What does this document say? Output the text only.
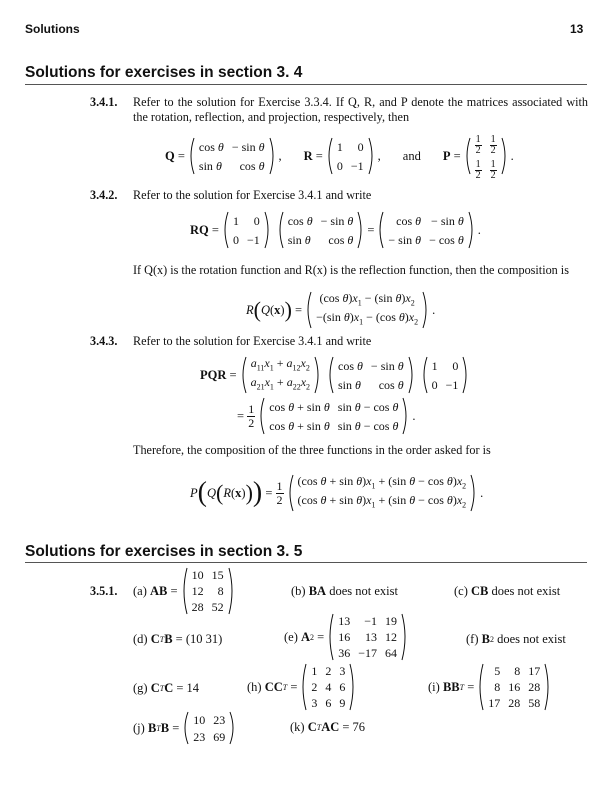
Solutions	13
Solutions for exercises in section 3. 4
3.4.1. Refer to the solution for Exercise 3.3.4. If Q, R, and P denote the matrices associated with the rotation, reflection, and projection, respectively, then
Q =
cos θ	− sin θ
sin θ	cos θ
, R =
1	0
0	−1
, and $P = \frac{1}{2}$	$\frac{1}{2}$

$\frac{1}{2}$	$\frac{1}{2}$
.
3.4.2. Refer to the solution for Exercise 3.4.1 and write
RQ =
1	0
0	−1
cos θ	− sin θ
sin θ	cos θ
=
cos θ	− sin θ
− sin θ	− cos θ
.
If Q(x) is the rotation function and R(x) is the reflection function, then the composition is
R ( Q ( x ) ) =
(cos $\theta)x_1 - (\sin$ $\theta)x_2$
−(sin $\theta)x_1 - (\cos$ $\theta)x_2$
.
3.4.3. Refer to the solution for Exercise 3.4.1 and write
PQR =
$a_{11}x_1 + a_{12}x_2$
$a_{21}x_1 + a_{22}x_2$
cos θ	− sin θ
sin θ	cos θ
1	0
0	−1
= $\frac{1}{2}$ cos θ + sin θ	sin θ − cos θ
cos θ + sin θ	sin θ − cos θ
.
Therefore, the composition of the three functions in the order asked for is
P ( Q ( R ( x ) ) ) = $\frac{1}{2} (\cos$ $\theta + \sin \theta)x_1 + (\sin$ $\theta - \cos \theta)x_2$
(cos $\theta + \sin \theta)x_1 + (\sin$ $\theta - \cos \theta)x_2$
.
Solutions for exercises in section 3. 5
3.5.1. (a)
AB =
10	15
12	8
28	52
(b)
BA
does not exist	(c)
CB
does not exist
(d)
C T B = (10 31)	(e)
A 2 =
13	−1	19
16	13	12
36	−17	64
(f)
B 2
does not exist
(g)
C T C
= 14	(h)
CC T =
1	2	3
2	4	6
3	6	9
(i)
BB T =
5	8	17
8	16	28
17	28	58
(j)
B T B =
10	23
23	69
(k)
C T AC
= 76
